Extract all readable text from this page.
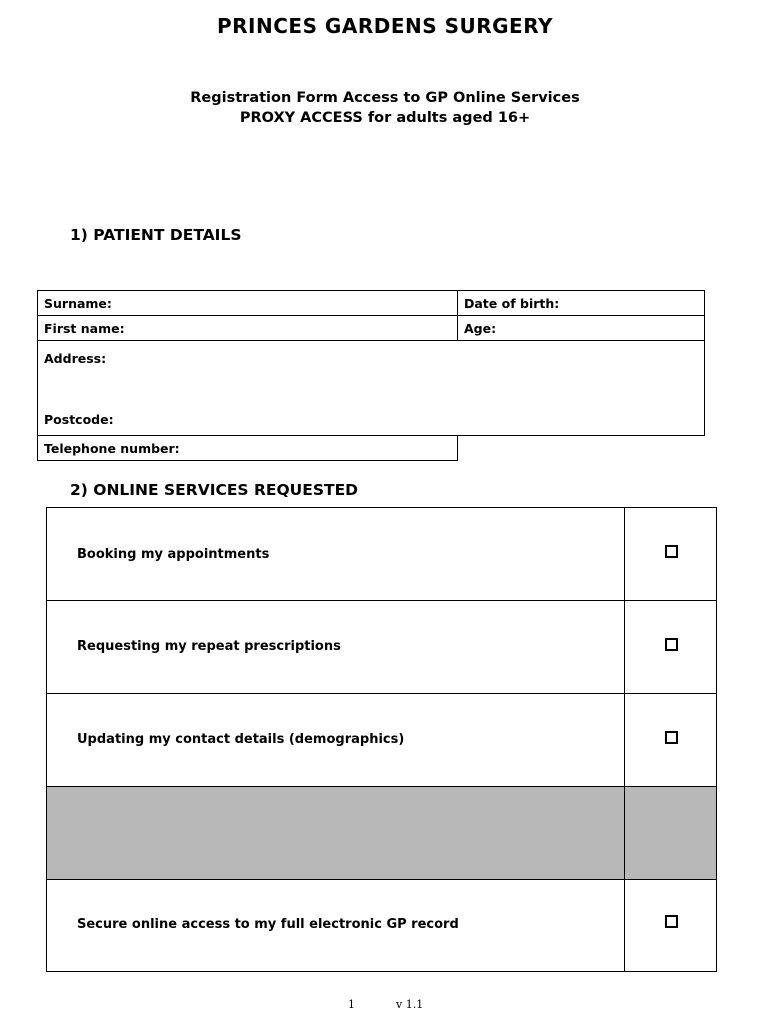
PRINCES GARDENS SURGERY
Registration Form Access to GP Online Services
PROXY ACCESS for adults aged 16+
1) PATIENT DETAILS
Surname:	Date of birth:
First name:	Age:
Address:
Postcode:
Telephone number:
2) ONLINE SERVICES REQUESTED
Booking my appointments
Requesting my repeat prescriptions
Updating my contact details (demographics)
Secure online access to my full electronic GP record
1	v 1.1
